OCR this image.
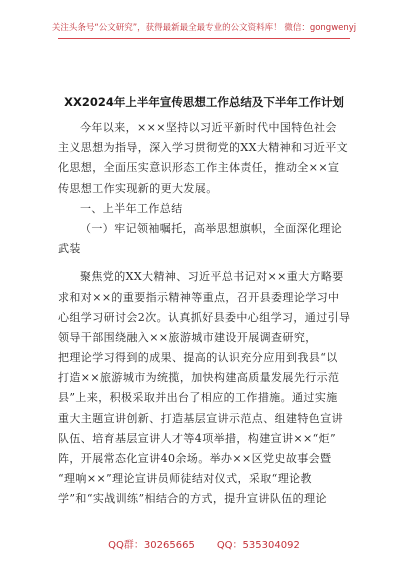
关注头条号“公文研究”，获得最新最全最专业的公文资料库！ 微信：gongwenyj
XX2024年上半年宣传思想工作总结及下半年工作计划
今年以来，×××坚持以习近平新时代中国特色社会
主义思想为指导，深入学习贯彻党的XX大精神和习近平文
化思想，全面压实意识形态工作主体责任，推动全××宣
传思想工作实现新的更大发展。
一、上半年工作总结
（一）牢记领袖嘱托，高举思想旗帜，全面深化理论
武装
聚焦党的XX大精神、习近平总书记对××重大方略要
求和对××的重要指示精神等重点，召开县委理论学习中
心组学习研讨会2次。认真抓好县委中心组学习，通过引导
领导干部围绕融入××旅游城市建设开展调查研究，
把理论学习得到的成果、提高的认识充分应用到我县“以
打造××旅游城市为统揽，加快构建高质量发展先行示范
县”上来，积极采取并出台了相应的工作措施。通过实施
重大主题宣讲创新、打造基层宣讲示范点、组建特色宣讲
队伍、培育基层宣讲人才等4项举措，构建宣讲××“炬”
阵，开展常态化宣讲40余场。举办××区党史故事会暨
“理响××”理论宣讲员师徒结对仪式，采取“理论教
学”和“实战训练”相结合的方式，提升宣讲队伍的理论
QQ群：30265665 QQ：535304092
